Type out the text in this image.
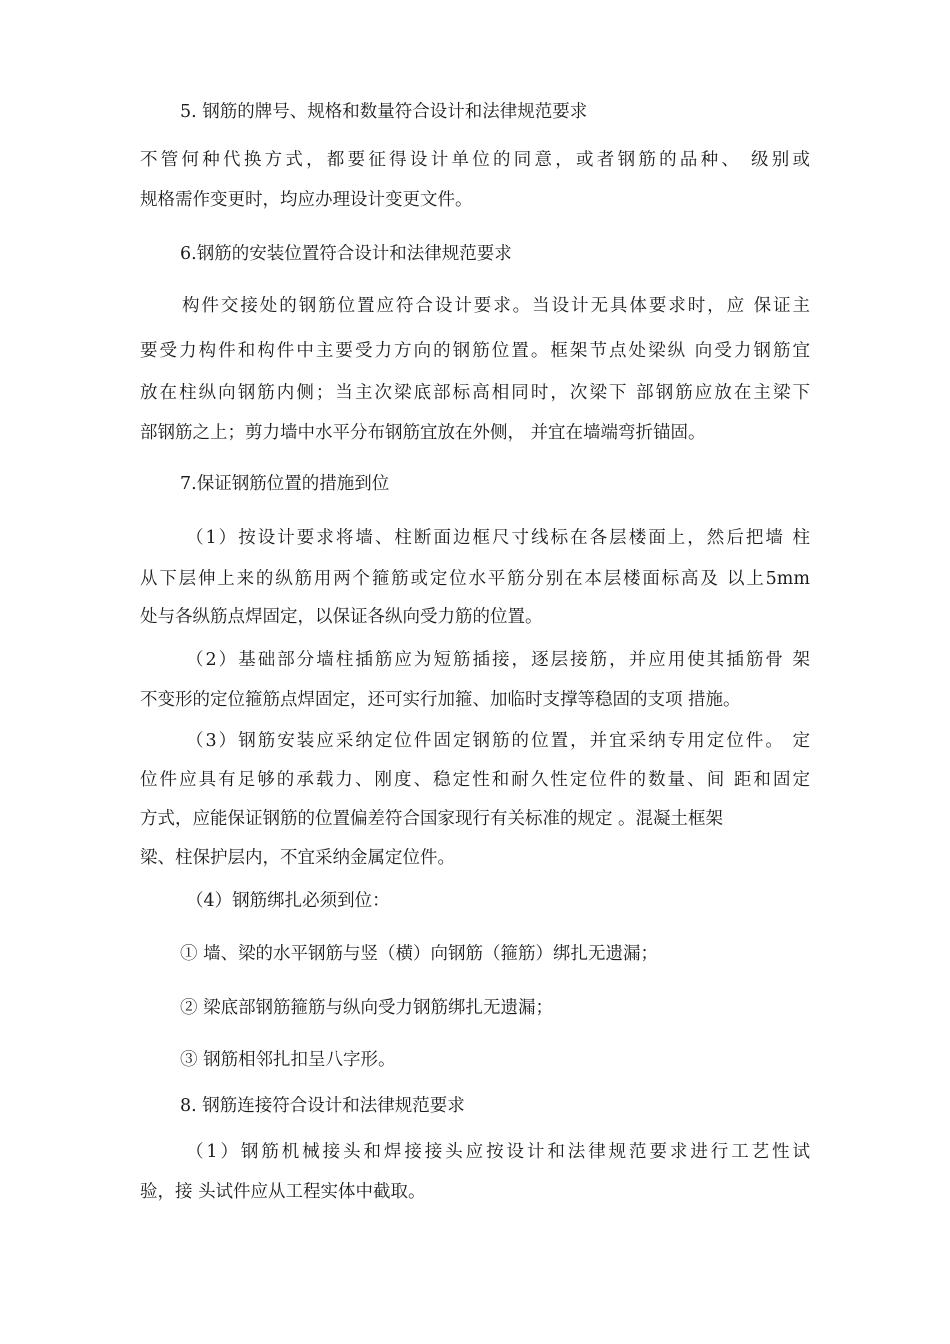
5. 钢筋的牌号、规格和数量符合设计和法律规范要求
不管何种代换方式，都要征得设计单位的同意，或者钢筋的品种、 级别或
规格需作变更时，均应办理设计变更文件。
6.钢筋的安装位置符合设计和法律规范要求
构件交接处的钢筋位置应符合设计要求。当设计无具体要求时，应 保证主
要受力构件和构件中主要受力方向的钢筋位置。框架节点处梁纵 向受力钢筋宜
放在柱纵向钢筋内侧；当主次梁底部标高相同时，次梁下 部钢筋应放在主梁下
部钢筋之上；剪力墙中水平分布钢筋宜放在外侧， 并宜在墙端弯折锚固。
7.保证钢筋位置的措施到位
（1）按设计要求将墙、柱断面边框尺寸线标在各层楼面上，然后把墙 柱
从下层伸上来的纵筋用两个箍筋或定位水平筋分别在本层楼面标高及 以上5mm
处与各纵筋点焊固定，以保证各纵向受力筋的位置。
（2）基础部分墙柱插筋应为短筋插接，逐层接筋，并应用使其插筋骨 架
不变形的定位箍筋点焊固定，还可实行加箍、加临时支撑等稳固的支项 措施。
（3）钢筋安装应采纳定位件固定钢筋的位置，并宜采纳专用定位件。 定
位件应具有足够的承载力、刚度、稳定性和耐久性定位件的数量、间 距和固定
方式，应能保证钢筋的位置偏差符合国家现行有关标准的规定 。混凝土框架
梁、柱保护层内，不宜采纳金属定位件。
（4）钢筋绑扎必须到位：
① 墙、梁的水平钢筋与竖（横）向钢筋（箍筋）绑扎无遗漏；
② 梁底部钢筋箍筋与纵向受力钢筋绑扎无遗漏；
③ 钢筋相邻扎扣呈八字形。
8. 钢筋连接符合设计和法律规范要求
（1）钢筋机械接头和焊接接头应按设计和法律规范要求进行工艺性试
验，接 头试件应从工程实体中截取。
